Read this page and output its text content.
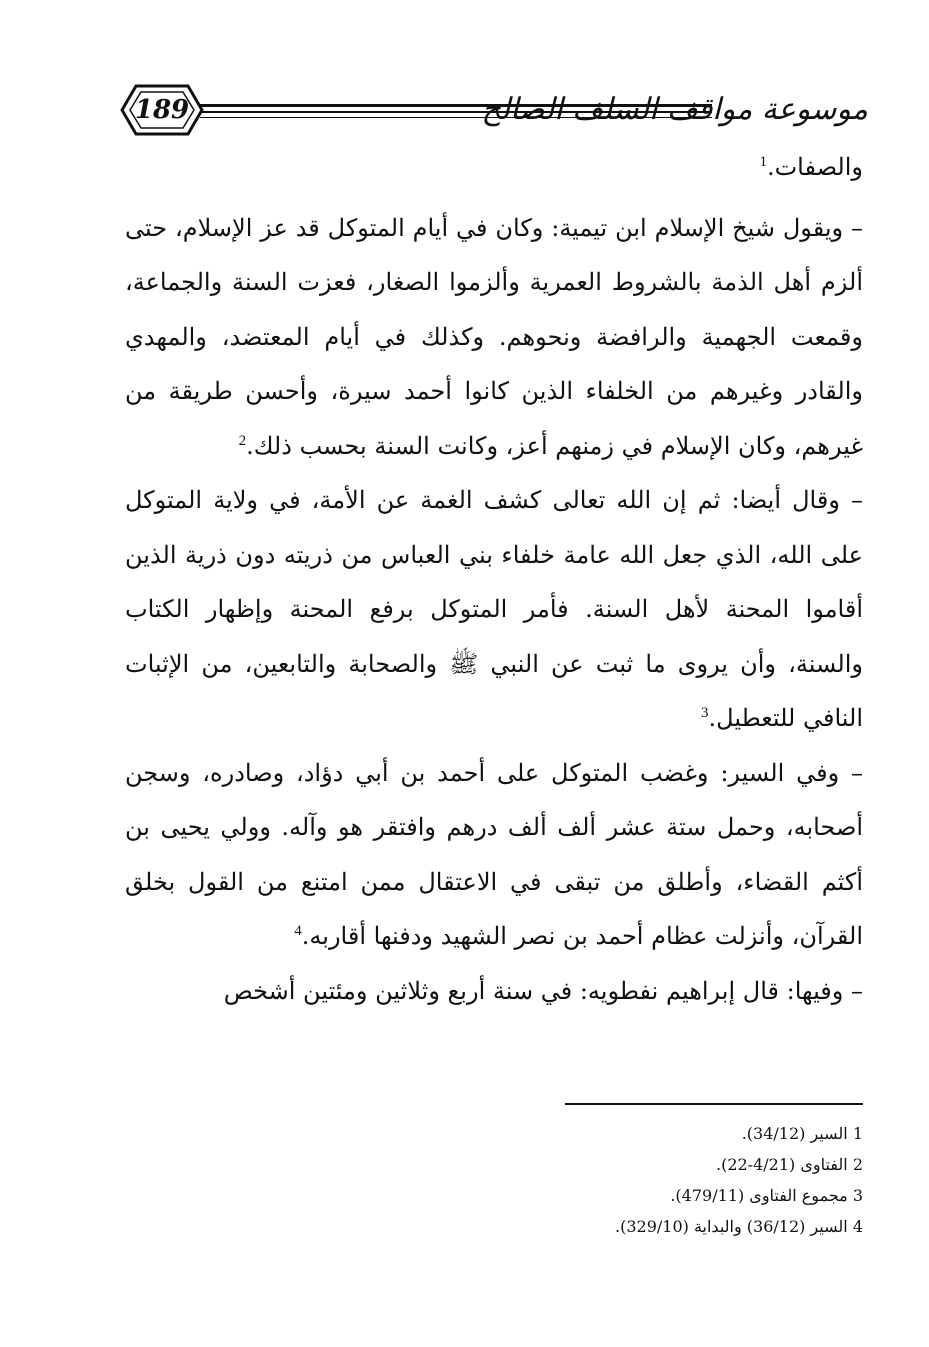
189	موسوعة مواقف السلف الصالح

والصفات.$^1$

– ويقول شيخ الإسلام ابن تيمية: وكان في أيام المتوكل قد عز الإسلام، حتى ألزم أهل الذمة بالشروط العمرية وألزموا الصغار، فعزت السنة والجماعة، وقمعت الجهمية والرافضة ونحوهم. وكذلك في أيام المعتضد، والمهدي والقادر وغيرهم من الخلفاء الذين كانوا أحمد سيرة، وأحسن طريقة من غيرهم، وكان الإسلام في زمنهم أعز، وكانت السنة بحسب ذلك.$^2$

– وقال أيضا: ثم إن الله تعالى كشف الغمة عن الأمة، في ولاية المتوكل على الله، الذي جعل الله عامة خلفاء بني العباس من ذريته دون ذرية الذين أقاموا المحنة لأهل السنة. فأمر المتوكل برفع المحنة وإظهار الكتاب والسنة، وأن يروى ما ثبت عن النبي ﷺ والصحابة والتابعين، من الإثبات النافي للتعطيل.$^3$

– وفي السير: وغضب المتوكل على أحمد بن أبي دؤاد، وصادره، وسجن أصحابه، وحمل ستة عشر ألف ألف درهم وافتقر هو وآله. وولي يحيى بن أكثم القضاء، وأطلق من تبقى في الاعتقال ممن امتنع من القول بخلق القرآن، وأنزلت عظام أحمد بن نصر الشهيد ودفنها أقاربه.$^4$

– وفيها: قال إبراهيم نفطويه: في سنة أربع وثلاثين ومئتين أشخص

1 السير (34/12).

2 الفتاوى (4/21-22).

3 مجموع الفتاوى (479/11).

4 السير (36/12) والبداية (329/10).
